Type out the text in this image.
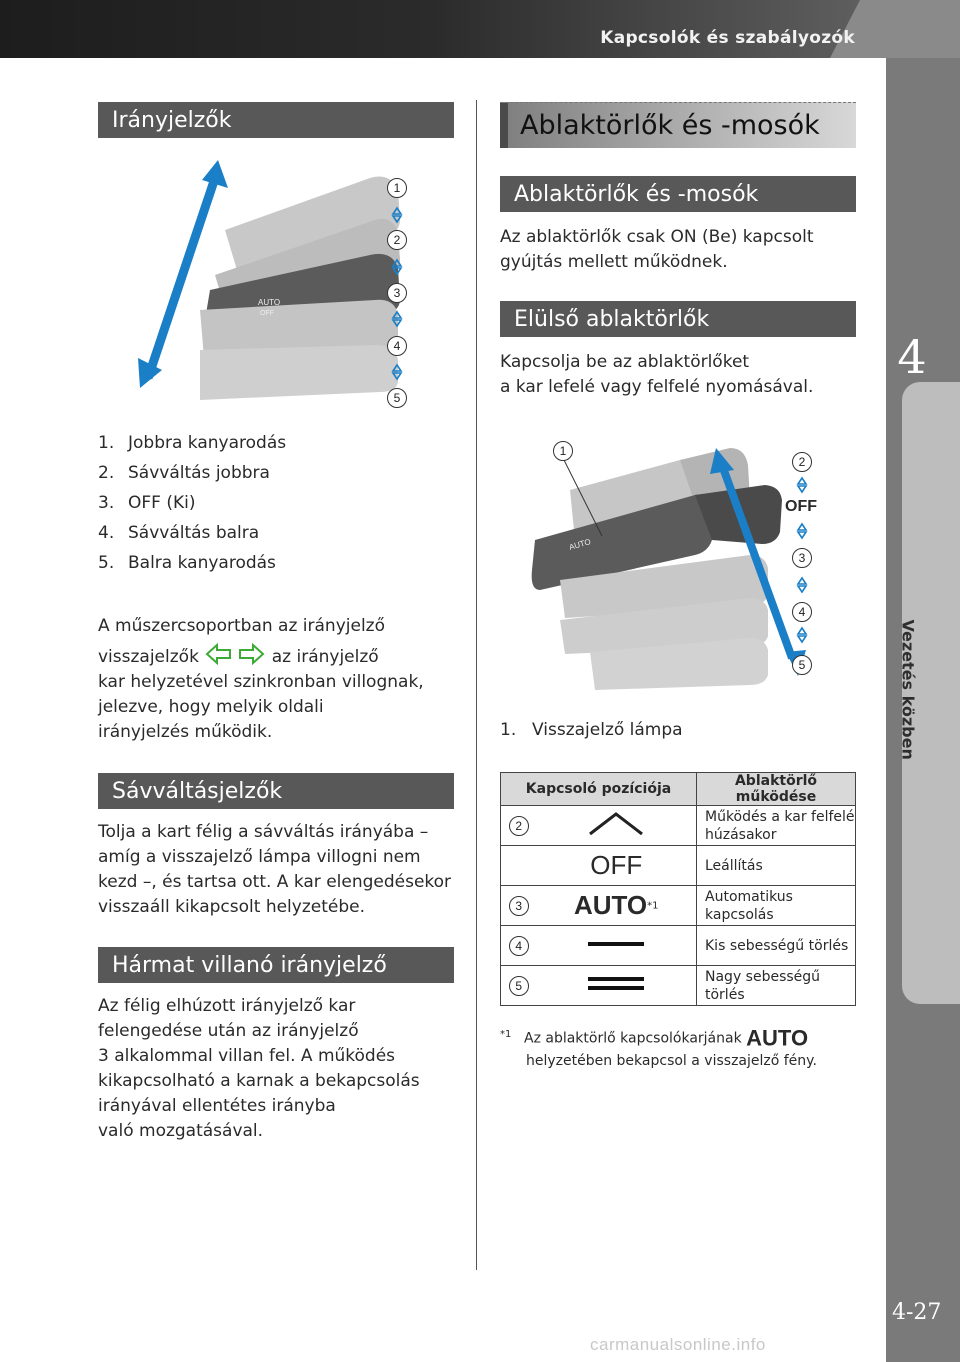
Kapcsolók és szabályozók
4
Vezetés közben
4-27
carmanualsonline.info
Irányjelzők
AUTO
OFF
1
2
3
4
5
1. Jobbra kanyarodás
2. Sávváltás jobbra
3. OFF (Ki)
4. Sávváltás balra
5. Balra kanyarodás
A műszercsoportban az irányjelző
visszajelzők	az irányjelző
kar helyzetével szinkronban villognak,
jelezve, hogy melyik oldali
irányjelzés működik.
Sávváltásjelzők
Tolja a kart félig a sávváltás irányába –
amíg a visszajelző lámpa villogni nem
kezd –, és tartsa ott. A kar elengedésekor
visszaáll kikapcsolt helyzetébe.
Hármat villanó irányjelző
Az félig elhúzott irányjelző kar
felengedése után az irányjelző
3 alkalommal villan fel. A működés
kikapcsolható a karnak a bekapcsolás
irányával ellentétes irányba
való mozgatásával.
Ablaktörlők és -mosók
Ablaktörlők és -mosók
Az ablaktörlők csak ON (Be) kapcsolt
gyújtás mellett működnek.
Elülső ablaktörlők
Kapcsolja be az ablaktörlőket
a kar lefelé vagy felfelé nyomásával.
AUTO
1
2
OFF
3
4
5
1. Visszajelző lámpa
Kapcsoló pozíciója		Ablaktörlő működése
2		Működés a kar felfelé húzásakor
	OFF	Leállítás
3	AUTO$^{*1}$	Automatikus kapcsolás
4		Kis sebességű törlés
5		Nagy sebességű törlés
$^{*1}$ Az ablaktörlő kapcsolókarjának AUTO
helyzetében bekapcsol a visszajelző fény.
